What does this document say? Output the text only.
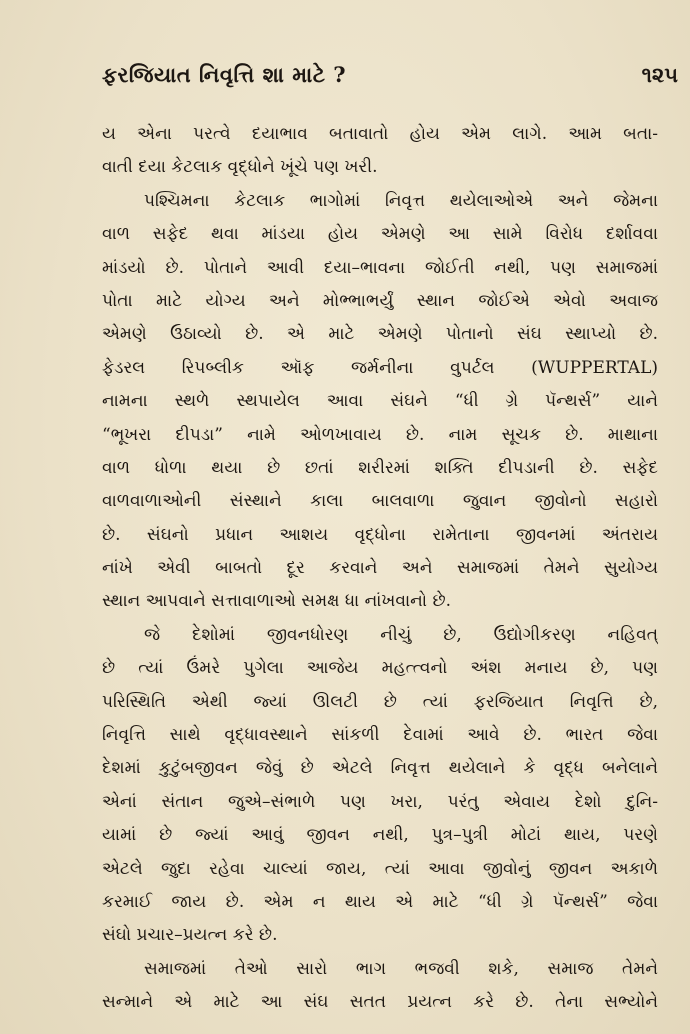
ફરજિયાત નિવૃત્તિ શા માટે ?	૧૨૫
ય એના પરત્વે દયાભાવ બતાવાતો હોય એમ લાગે. આમ બતા-
વાતી દયા કેટલાક વૃદ્ધોને ખૂંચે પણ ખરી.
પશ્ચિમના કેટલાક ભાગોમાં નિવૃત્ત થયેલાઓએ અને જેમના
વાળ સફેદ થવા માંડયા હોય એમણે આ સામે વિરોધ દર્શાવવા
માંડયો છે. પોતાને આવી દયા–ભાવના જોઈતી નથી, પણ સમાજમાં
પોતા માટે યોગ્ય અને મોભ્ભાભર્યું સ્થાન જોઈએ એવો અવાજ
એમણે ઉઠાવ્યો છે. એ માટે એમણે પોતાનો સંઘ સ્થાપ્યો છે.
ફેડરલ રિપબ્લીક ઑફ જર્મનીના વુપર્ટલ (WUPPERTAL)
નામના સ્થળે સ્થપાયેલ આવા સંઘને “ધી ગ્રે પૅન્થર્સ” યાને
“ભૂખરા દીપડા” નામે ઓળખાવાય છે. નામ સૂચક છે. માથાના
વાળ ધોળા થયા છે છતાં શરીરમાં શક્તિ દીપડાની છે. સફેદ
વાળવાળાઓની સંસ્થાને કાલા બાલવાળા જુવાન જીવોનો સહારો
છે. સંઘનો પ્રધાન આશય વૃદ્ધોના રામેતાના જીવનમાં અંતરાય
નાંખે એવી બાબતો દૂર કરવાને અને સમાજમાં તેમને સુયોગ્ય
સ્થાન આપવાને સત્તાવાળાઓ સમક્ષ ધા નાંખવાનો છે.
જે દેશોમાં જીવનધોરણ નીચું છે, ઉદ્યોગીકરણ નહિવત્
છે ત્યાં ઉંમરે પુગેલા આજેય મહત્ત્વનો અંશ મનાય છે, પણ
પરિસ્થિતિ એથી જ્યાં ઊલટી છે ત્યાં ફરજિયાત નિવૃત્તિ છે,
નિવૃત્તિ સાથે વૃદ્ધાવસ્થાને સાંકળી દેવામાં આવે છે. ભારત જેવા
દેશમાં કુટુંબજીવન જેવું છે એટલે નિવૃત્ત થયેલાને કે વૃદ્ધ બનેલાને
એનાં સંતાન જુએ–સંભાળે પણ ખરા, પરંતુ એવાય દેશો દુનિ-
યામાં છે જ્યાં આવું જીવન નથી, પુત્ર–પુત્રી મોટાં થાય, પરણે
એટલે જુદા રહેવા ચાલ્યાં જાય, ત્યાં આવા જીવોનું જીવન અકાળે
કરમાઈ જાય છે. એમ ન થાય એ માટે “ધી ગ્રે પૅન્થર્સ” જેવા
સંઘો પ્રચાર–પ્રયત્ન કરે છે.
સમાજમાં તેઓ સારો ભાગ ભજવી શકે, સમાજ તેમને
સન્માને એ માટે આ સંઘ સતત પ્રયત્ન કરે છે. તેના સભ્યોને
